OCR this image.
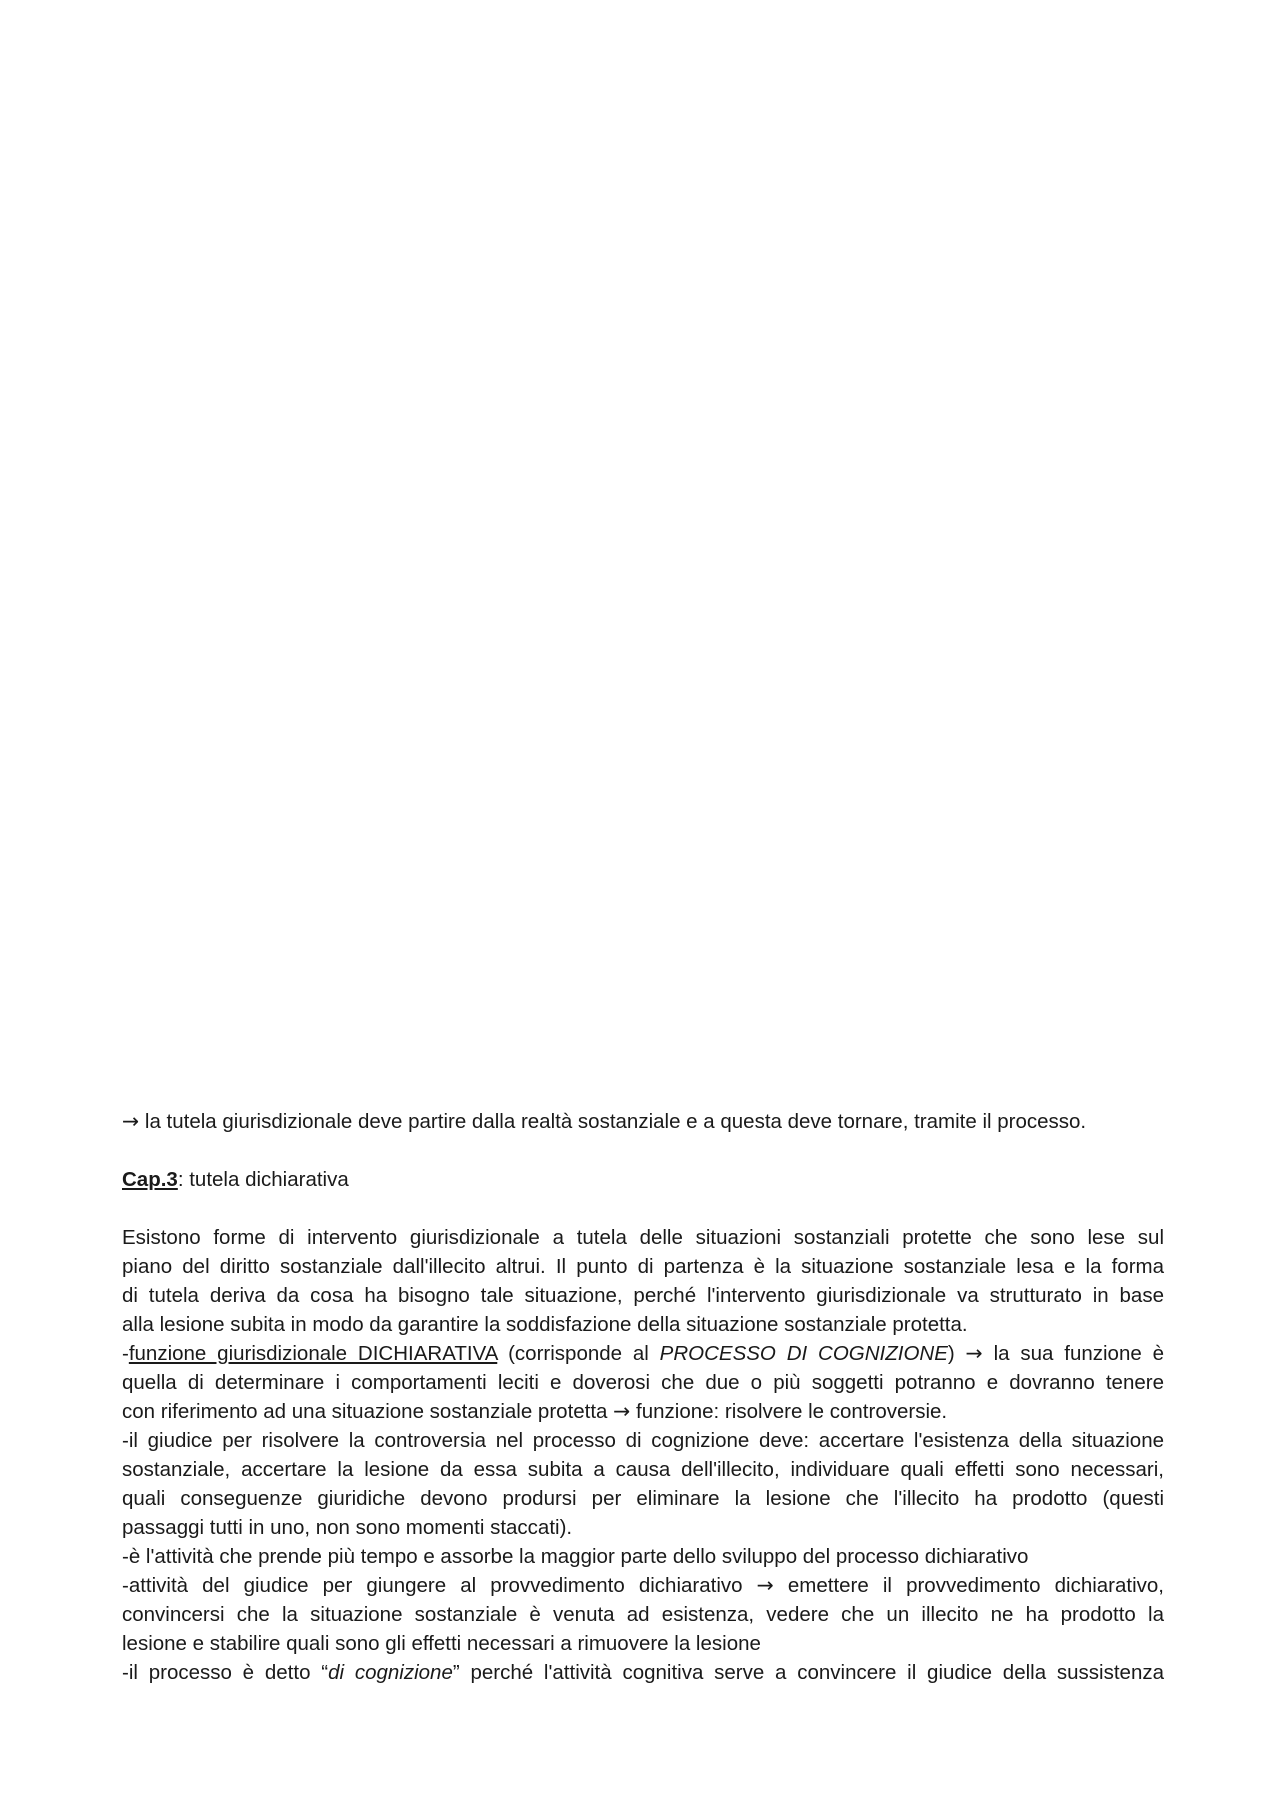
→ la tutela giurisdizionale deve partire dalla realtà sostanziale e a questa deve tornare, tramite il processo.

Cap.3: tutela dichiarativa

Esistono forme di intervento giurisdizionale a tutela delle situazioni sostanziali protette che sono lese sul

piano del diritto sostanziale dall'illecito altrui. Il punto di partenza è la situazione sostanziale lesa e la forma

di tutela deriva da cosa ha bisogno tale situazione, perché l'intervento giurisdizionale va strutturato in base

alla lesione subita in modo da garantire la soddisfazione della situazione sostanziale protetta.

-funzione giurisdizionale DICHIARATIVA (corrisponde al PROCESSO DI COGNIZIONE) → la sua funzione è

quella di determinare i comportamenti leciti e doverosi che due o più soggetti potranno e dovranno tenere

con riferimento ad una situazione sostanziale protetta → funzione: risolvere le controversie.

-il giudice per risolvere la controversia nel processo di cognizione deve: accertare l'esistenza della situazione

sostanziale, accertare la lesione da essa subita a causa dell'illecito, individuare quali effetti sono necessari,

quali conseguenze giuridiche devono prodursi per eliminare la lesione che l'illecito ha prodotto (questi

passaggi tutti in uno, non sono momenti staccati).

-è l'attività che prende più tempo e assorbe la maggior parte dello sviluppo del processo dichiarativo

-attività del giudice per giungere al provvedimento dichiarativo → emettere il provvedimento dichiarativo,

convincersi che la situazione sostanziale è venuta ad esistenza, vedere che un illecito ne ha prodotto la

lesione e stabilire quali sono gli effetti necessari a rimuovere la lesione

-il processo è detto “di cognizione” perché l'attività cognitiva serve a convincere il giudice della sussistenza
